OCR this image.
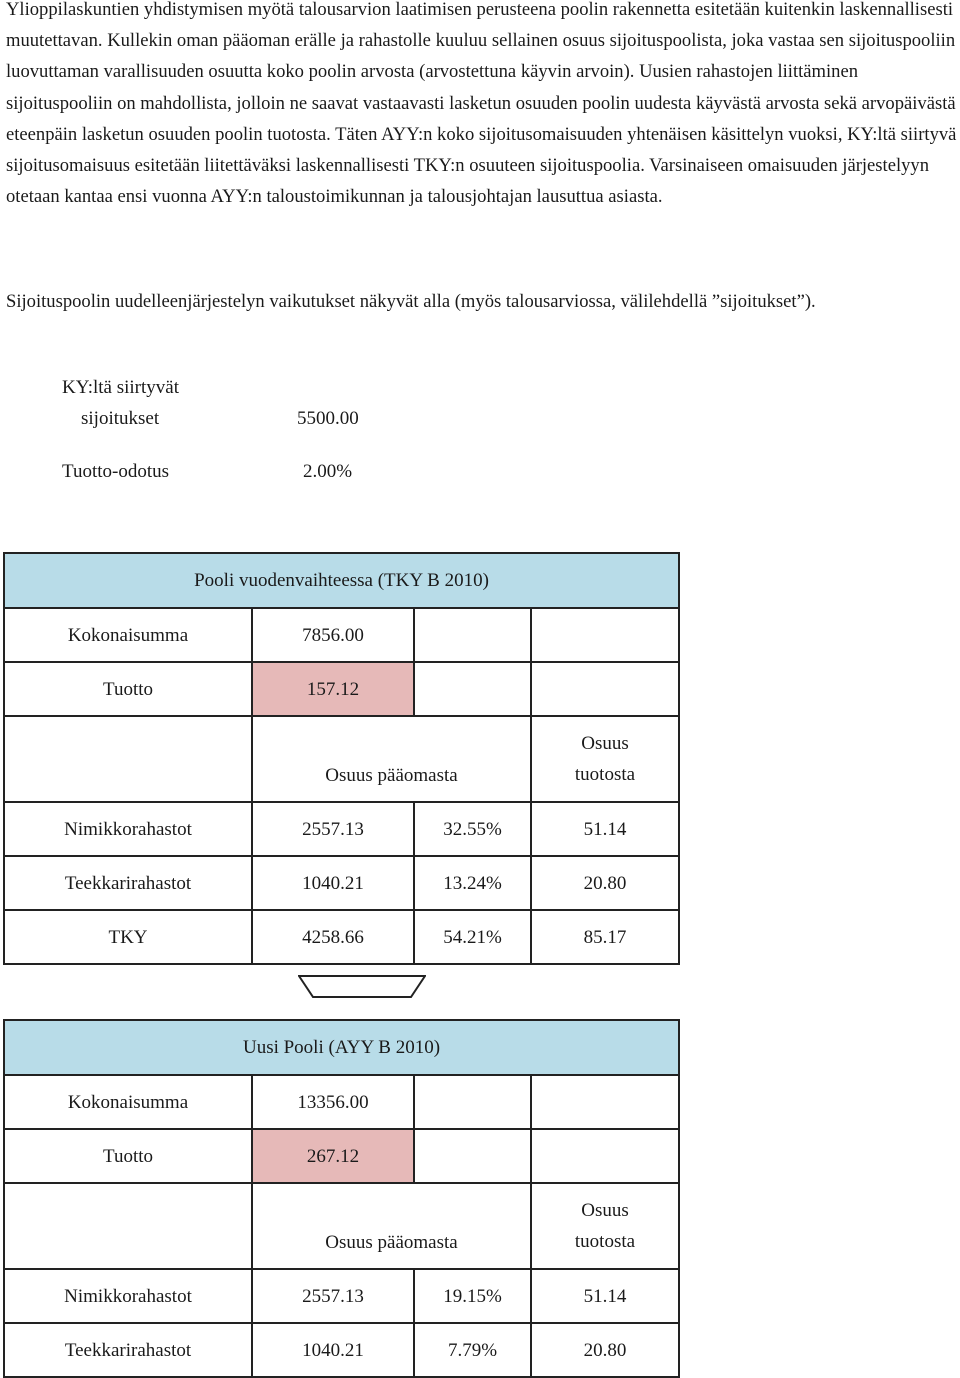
Ylioppilaskuntien yhdistymisen myötä talousarvion laatimisen perusteena poolin rakennetta esitetään kuitenkin laskennallisesti muutettavan. Kullekin oman pääoman erälle ja rahastolle kuuluu sellainen osuus sijoituspoolista, joka vastaa sen sijoituspooliin luovuttaman varallisuuden osuutta koko poolin arvosta (arvostettuna käyvin arvoin). Uusien rahastojen liittäminen sijoituspooliin on mahdollista, jolloin ne saavat vastaavasti lasketun osuuden poolin uudesta käyvästä arvosta sekä arvopäivästä eteenpäin lasketun osuuden poolin tuotosta. Täten AYY:n koko sijoitusomaisuuden yhtenäisen käsittelyn vuoksi, KY:ltä siirtyvä sijoitusomaisuus esitetään liitettäväksi laskennallisesti TKY:n osuuteen sijoituspoolia. Varsinaiseen omaisuuden järjestelyyn otetaan kantaa ensi vuonna AYY:n taloustoimikunnan ja talousjohtajan lausuttua asiasta.

Sijoituspoolin uudelleenjärjestelyn vaikutukset näkyvät alla (myös talousarviossa, välilehdellä ”sijoitukset”).

KY:ltä siirtyvät
sijoitukset	5500.00
Tuotto-odotus	2.00%
Pooli vuodenvaihteessa (TKY B 2010)			
Kokonaisumma	7856.00		
Tuotto	157.12		
	Osuus pääomasta		Osuus
tuotosta

Nimikkorahastot	2557.13	32.55%	51.14
Teekkarirahastot	1040.21	13.24%	20.80
TKY	4258.66	54.21%	85.17
Uusi Pooli (AYY B 2010)			
Kokonaisumma	13356.00		
Tuotto	267.12		
	Osuus pääomasta		Osuus
tuotosta

Nimikkorahastot	2557.13	19.15%	51.14
Teekkarirahastot	1040.21	7.79%	20.80
